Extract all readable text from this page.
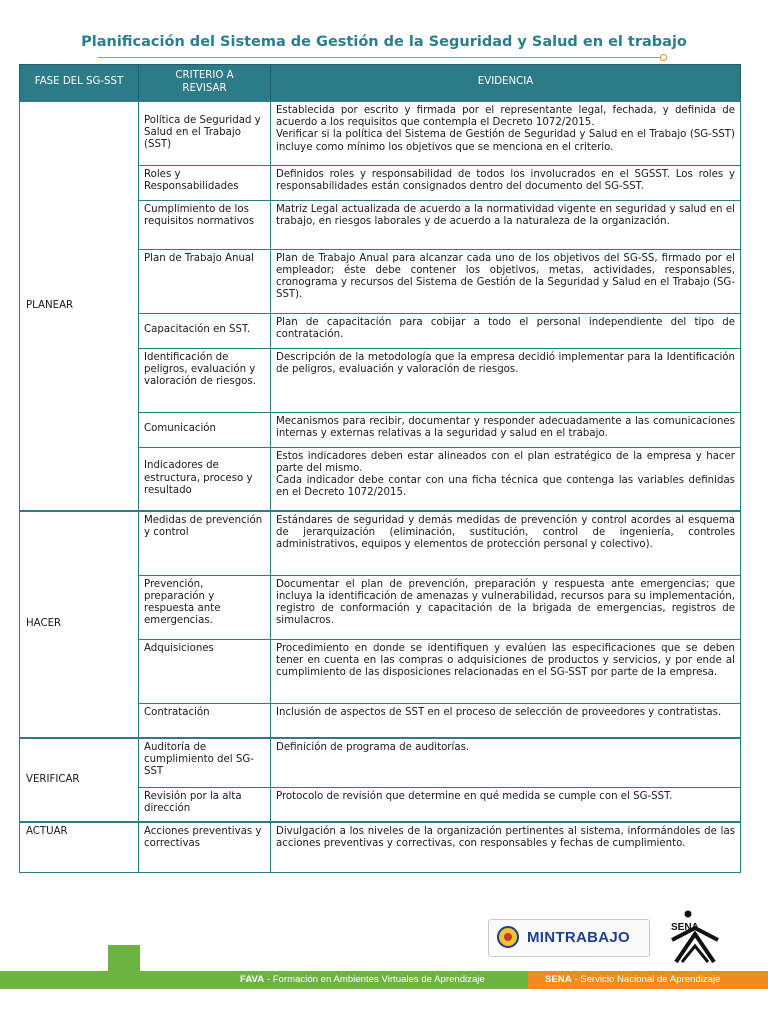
Planificación del Sistema de Gestión de la Seguridad y Salud en el trabajo
FASE DEL SG-SST	CRITERIO A REVISAR	EVIDENCIA
PLANEAR	Política de Seguridad y Salud en el Trabajo (SST)	Establecida por escrito y firmada por el representante legal, fechada, y definida de acuerdo a los requisitos que contempla el Decreto 1072/2015.
Verificar si la política del Sistema de Gestión de Seguridad y Salud en el Trabajo (SG-SST) incluye como mínimo los objetivos que se menciona en el criterio.

	Roles y Responsabilidades	Definidos roles y responsabilidad de todos los involucrados en el SGSST. Los roles y responsabilidades están consignados dentro del documento del SG-SST.

	Cumplimiento de los requisitos normativos	Matriz Legal actualizada de acuerdo a la normatividad vigente en seguridad y salud en el trabajo, en riesgos laborales y de acuerdo a la naturaleza de la organización.

	Plan de Trabajo Anual	Plan de Trabajo Anual para alcanzar cada uno de los objetivos del SG-SS, firmado por el empleador; éste debe contener los objetivos, metas, actividades, responsables, cronograma y recursos del Sistema de Gestión de la Seguridad y Salud en el Trabajo (SG-SST).

	Capacitación en SST.	Plan de capacitación para cobijar a todo el personal independiente del tipo de contratación.

	Identificación de peligros, evaluación y valoración de riesgos.	Descripción de la metodología que la empresa decidió implementar para la Identificación de peligros, evaluación y valoración de riesgos.

	Comunicación	Mecanismos para recibir, documentar y responder adecuadamente a las comunicaciones internas y externas relativas a la seguridad y salud en el trabajo.

	Indicadores de estructura, proceso y resultado	Estos indicadores deben estar alineados con el plan estratégico de la empresa y hacer parte del mismo.
Cada indicador debe contar con una ficha técnica que contenga las variables definidas en el Decreto 1072/2015.

HACER	Medidas de prevención y control	Estándares de seguridad y demás medidas de prevención y control acordes al esquema de jerarquización (eliminación, sustitución, control de ingeniería, controles administrativos, equipos y elementos de protección personal y colectivo).

	Prevención, preparación y respuesta ante emergencias.	Documentar el plan de prevención, preparación y respuesta ante emergencias; que incluya la identificación de amenazas y vulnerabilidad, recursos para su implementación, registro de conformación y capacitación de la brigada de emergencias, registros de simulacros.

	Adquisiciones	Procedimiento en donde se identifiquen y evalúen las especificaciones que se deben tener en cuenta en las compras o adquisiciones de productos y servicios, y por ende al cumplimiento de las disposiciones relacionadas en el SG-SST por parte de la empresa.

	Contratación	Inclusión de aspectos de SST en el proceso de selección de proveedores y contratistas.

VERIFICAR	Auditoría de cumplimiento del SG-SST	Definición de programa de auditorías.

	Revisión por la alta dirección	Protocolo de revisión que determine en qué medida se cumple con el SG-SST.

ACTUAR	Acciones preventivas y correctivas	Divulgación a los niveles de la organización pertinentes al sistema, informándoles de las acciones preventivas y correctivas, con responsables y fechas de cumplimiento.
MINTRABAJO
SENA
FAVA - Formación en Ambientes Virtuales de Aprendizaje	SENA - Servicio Nacional de Aprendizaje
